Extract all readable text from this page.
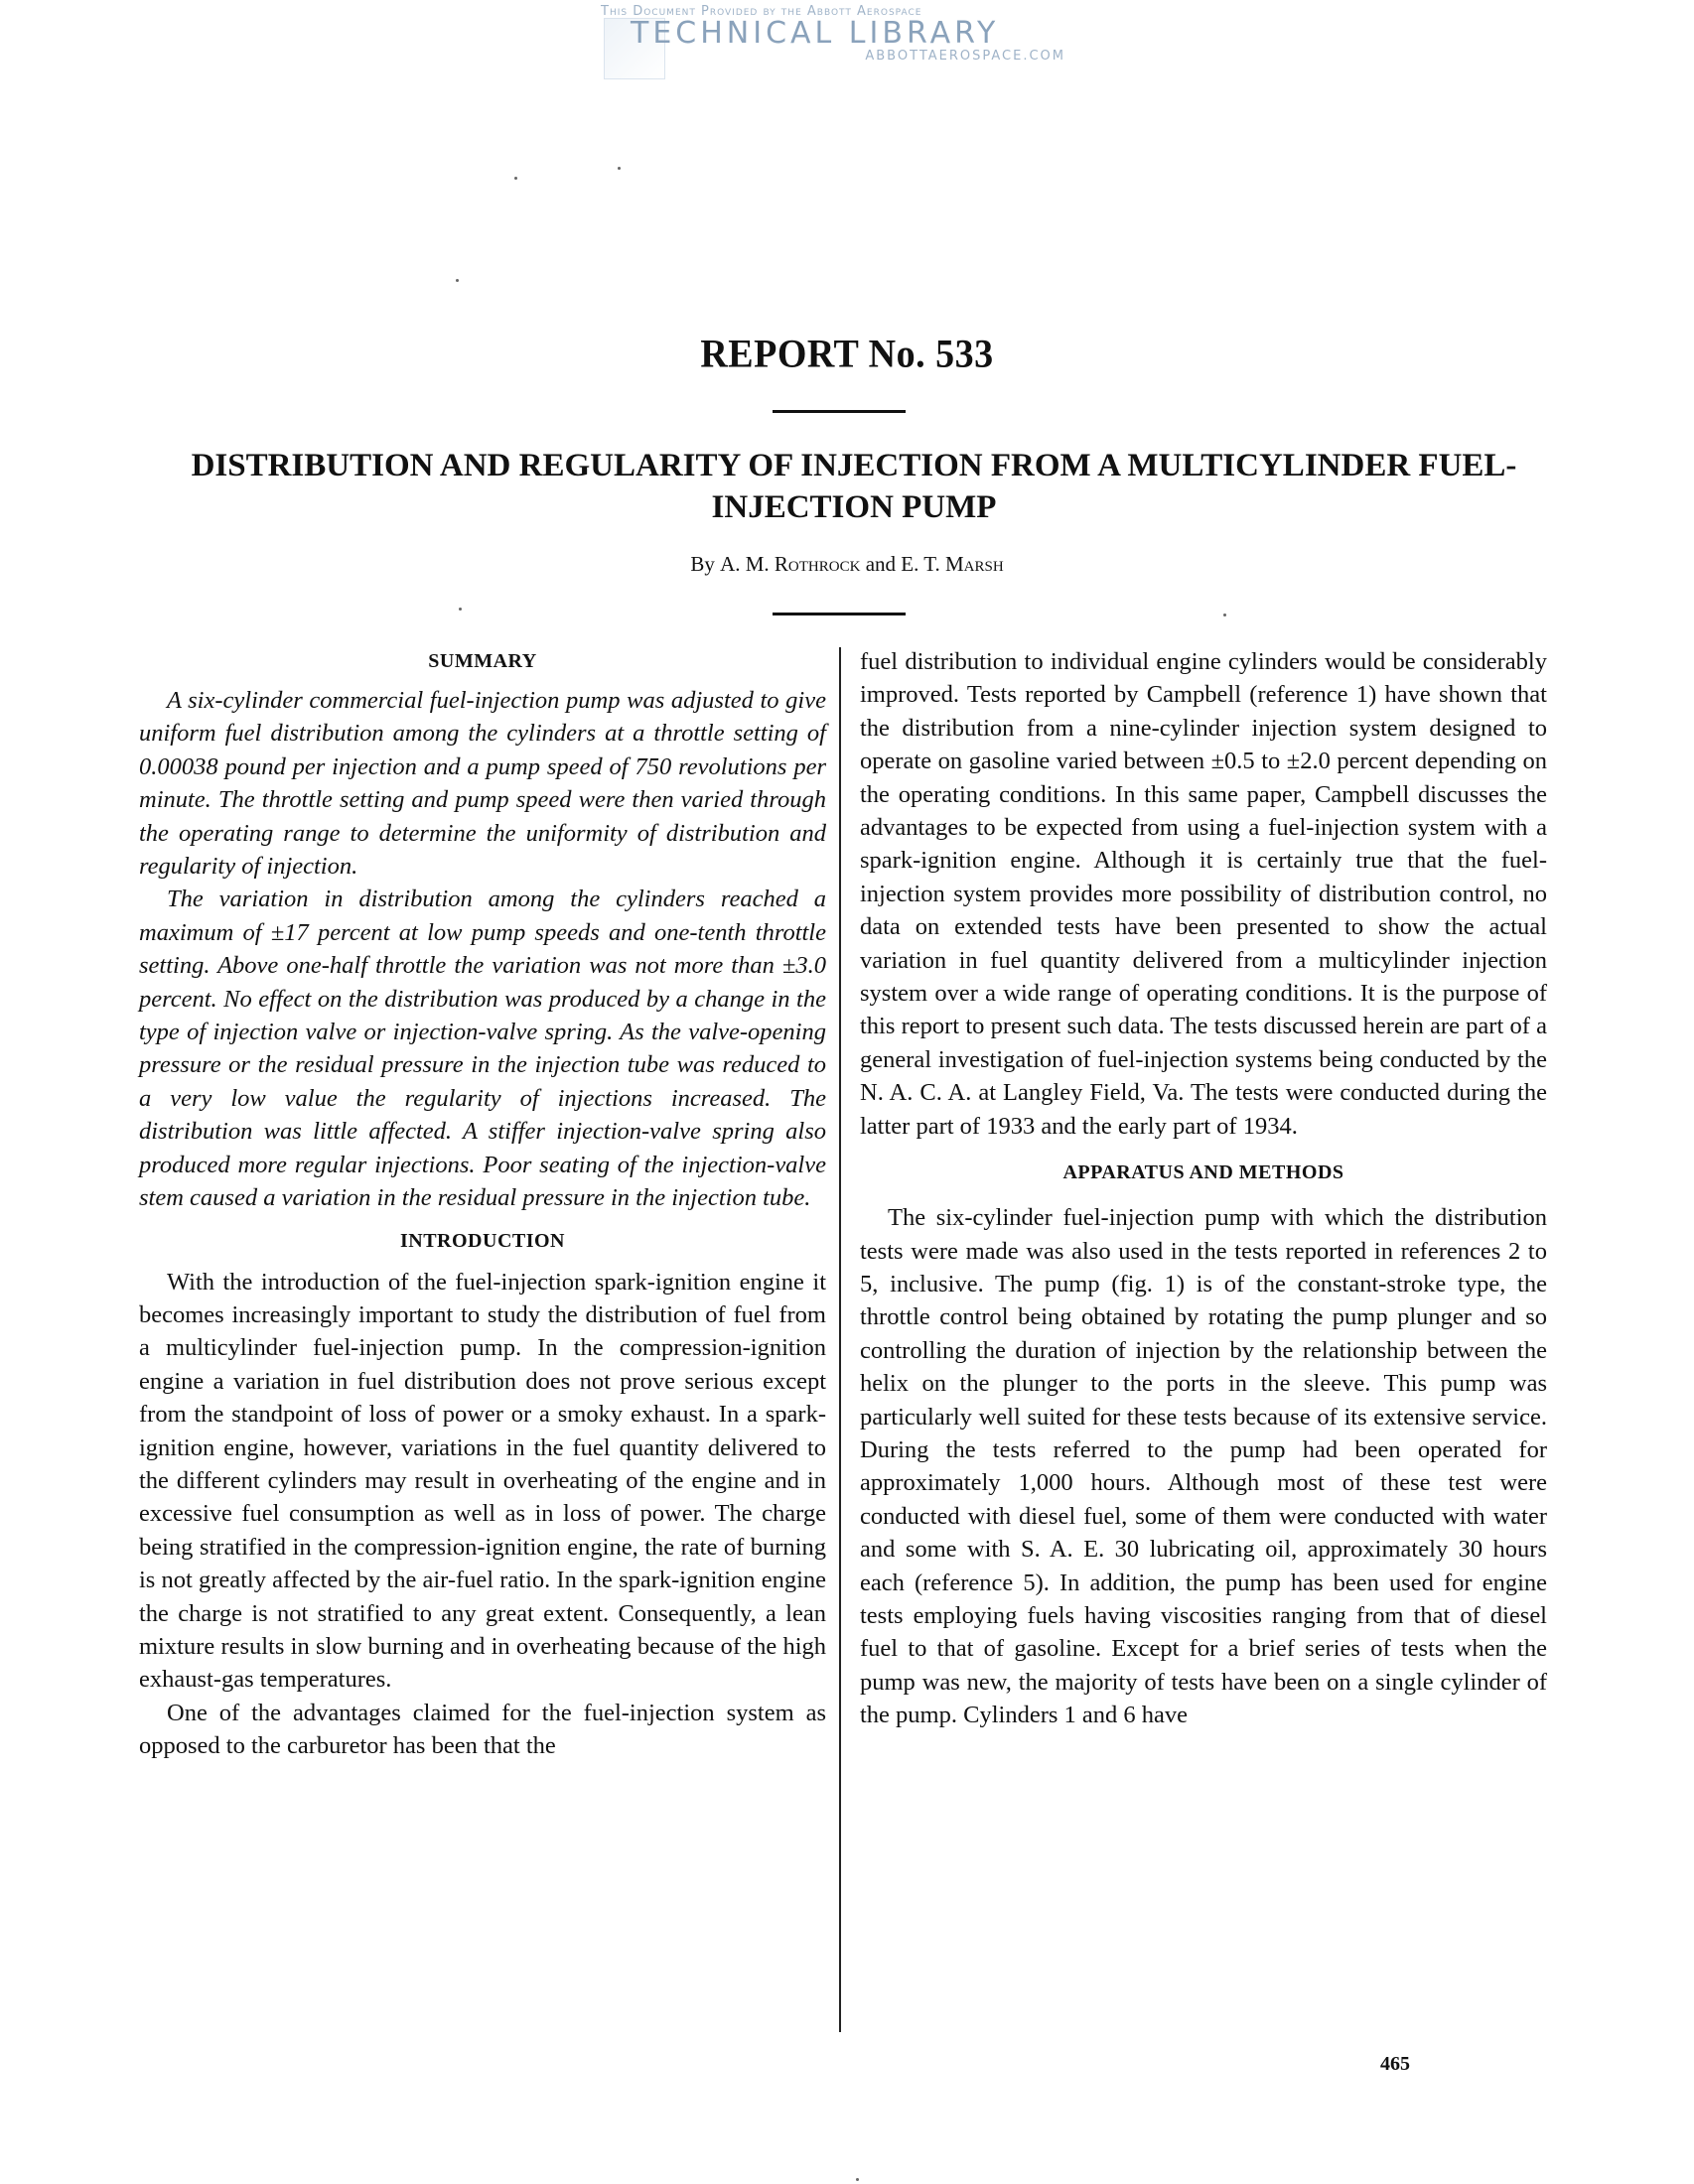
This Document Provided by the Abbott Aerospace
TECHNICAL LIBRARY
ABBOTTAEROSPACE.COM
REPORT No. 533
DISTRIBUTION AND REGULARITY OF INJECTION FROM A MULTICYLINDER FUEL-INJECTION PUMP
By A. M. Rothrock and E. T. Marsh
SUMMARY

A six-cylinder commercial fuel-injection pump was adjusted to give uniform fuel distribution among the cylinders at a throttle setting of 0.00038 pound per injection and a pump speed of 750 revolutions per minute. The throttle setting and pump speed were then varied through the operating range to determine the uniformity of distribution and regularity of injection.

The variation in distribution among the cylinders reached a maximum of ±17 percent at low pump speeds and one-tenth throttle setting. Above one-half throttle the variation was not more than ±3.0 percent. No effect on the distribution was produced by a change in the type of injection valve or injection-valve spring. As the valve-opening pressure or the residual pressure in the injection tube was reduced to a very low value the regularity of injections increased. The distribution was little affected. A stiffer injection-valve spring also produced more regular injections. Poor seating of the injection-valve stem caused a variation in the residual pressure in the injection tube.

INTRODUCTION

With the introduction of the fuel-injection spark-ignition engine it becomes increasingly important to study the distribution of fuel from a multicylinder fuel-injection pump. In the compression-ignition engine a variation in fuel distribution does not prove serious except from the standpoint of loss of power or a smoky exhaust. In a spark-ignition engine, however, variations in the fuel quantity delivered to the different cylinders may result in overheating of the engine and in excessive fuel consumption as well as in loss of power. The charge being stratified in the compression-ignition engine, the rate of burning is not greatly affected by the air-fuel ratio. In the spark-ignition engine the charge is not stratified to any great extent. Consequently, a lean mixture results in slow burning and in overheating because of the high exhaust-gas temperatures.

One of the advantages claimed for the fuel-injection system as opposed to the carburetor has been that the

fuel distribution to individual engine cylinders would be considerably improved. Tests reported by Campbell (reference 1) have shown that the distribution from a nine-cylinder injection system designed to operate on gasoline varied between ±0.5 to ±2.0 percent depending on the operating conditions. In this same paper, Campbell discusses the advantages to be expected from using a fuel-injection system with a spark-ignition engine. Although it is certainly true that the fuel-injection system provides more possibility of distribution control, no data on extended tests have been presented to show the actual variation in fuel quantity delivered from a multicylinder injection system over a wide range of operating conditions. It is the purpose of this report to present such data. The tests discussed herein are part of a general investigation of fuel-injection systems being conducted by the N. A. C. A. at Langley Field, Va. The tests were conducted during the latter part of 1933 and the early part of 1934.

APPARATUS AND METHODS

The six-cylinder fuel-injection pump with which the distribution tests were made was also used in the tests reported in references 2 to 5, inclusive. The pump (fig. 1) is of the constant-stroke type, the throttle control being obtained by rotating the pump plunger and so controlling the duration of injection by the relationship between the helix on the plunger to the ports in the sleeve. This pump was particularly well suited for these tests because of its extensive service. During the tests referred to the pump had been operated for approximately 1,000 hours. Although most of these test were conducted with diesel fuel, some of them were conducted with water and some with S. A. E. 30 lubricating oil, approximately 30 hours each (reference 5). In addition, the pump has been used for engine tests employing fuels having viscosities ranging from that of diesel fuel to that of gasoline. Except for a brief series of tests when the pump was new, the majority of tests have been on a single cylinder of the pump. Cylinders 1 and 6 have

465
